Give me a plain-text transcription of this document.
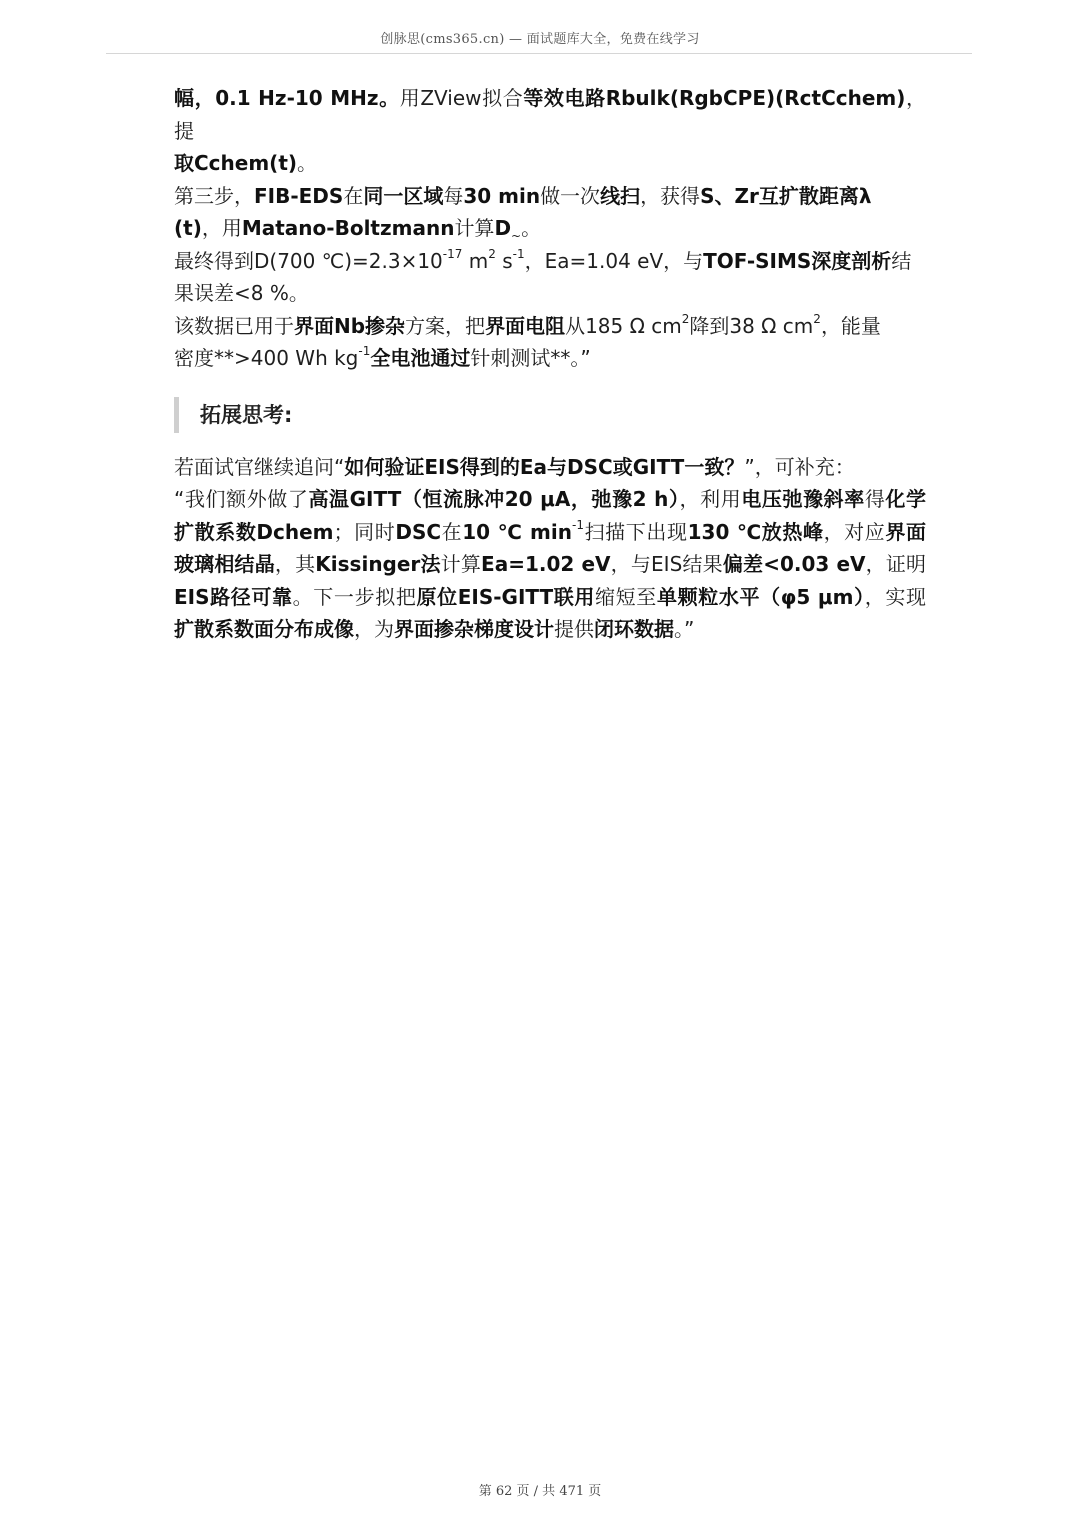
创脉思(cms365.cn) — 面试题库大全，免费在线学习

幅，0.1 Hz-10 MHz。用ZView拟合等效电路Rbulk(RgbCPE)(RctCchem)，提
取Cchem(t)。

第三步，FIB-EDS在同一区域每30 min做一次线扫，获得S、Zr互扩散距离λ
(t)，用Matano-Boltzmann计算$D_\sim$。

最终得到D(700 $℃)=2.3\times 10^{-17}$ $m^2$ $s^{-1}$，Ea=1.04 eV，与TOF-SIMS深度剖析结
果误差<8 %。

该数据已用于界面Nb掺杂方案，把界面电阻从185 Ω $cm^2$降到38 Ω $cm^2$，能量
密度**>400 Wh $kg^{-1}$全电池通过针刺测试**。”

拓展思考:

若面试官继续追问“如何验证EIS得到的Ea与DSC或GITT一致？”，可补充：

“我们额外做了高温GITT（恒流脉冲20 μA，弛豫2 h），利用电压弛豫斜率得化学扩散系数Dchem；同时DSC在10 ℃ $\min^{-1}$扫描下出现130 ℃放热峰，对应界面玻璃相结晶，其Kissinger法计算Ea=1.02 eV，与EIS结果偏差<0.03 eV，证明EIS路径可靠。下一步拟把原位EIS-GITT联用缩短至单颗粒水平（φ5 μm），实现扩散系数面分布成像，为界面掺杂梯度设计提供闭环数据。”

第 62 页 / 共 471 页
